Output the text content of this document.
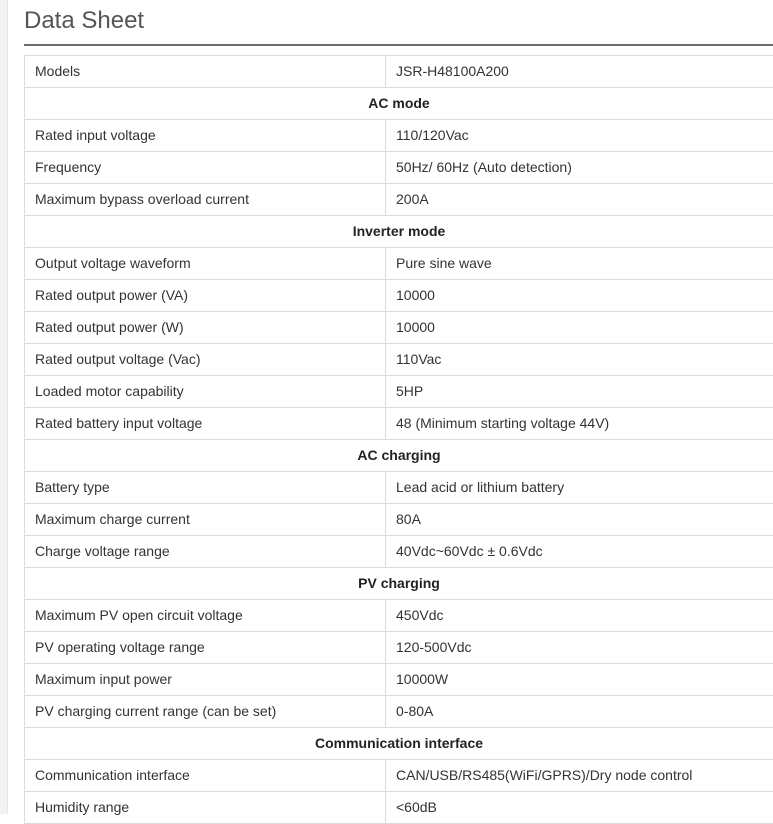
Data Sheet
Models	JSR-H48100A200
AC mode
Rated input voltage	110/120Vac
Frequency	50Hz/ 60Hz (Auto detection)
Maximum bypass overload current	200A
Inverter mode
Output voltage waveform	Pure sine wave
Rated output power (VA)	10000
Rated output power (W)	10000
Rated output voltage (Vac)	110Vac
Loaded motor capability	5HP
Rated battery input voltage	48 (Minimum starting voltage 44V)
AC charging
Battery type	Lead acid or lithium battery
Maximum charge current	80A
Charge voltage range	40Vdc~60Vdc ± 0.6Vdc
PV charging
Maximum PV open circuit voltage	450Vdc
PV operating voltage range	120-500Vdc
Maximum input power	10000W
PV charging current range (can be set)	0-80A
Communication interface
Communication interface	CAN/USB/RS485(WiFi/GPRS)/Dry node control
Humidity range	<60dB
